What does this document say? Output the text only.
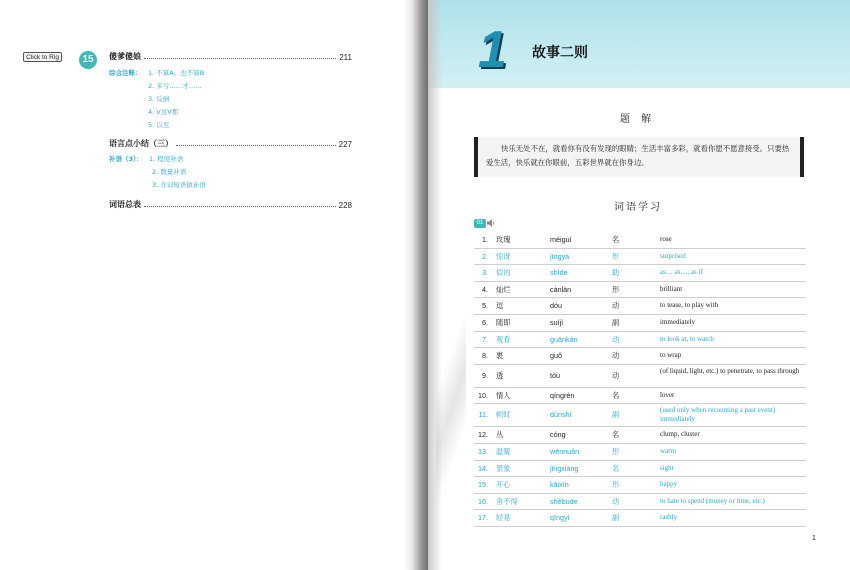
Click to Rig	15	傻爹傻娘	211
综合注释： 1. 不算A，也不算B
2. 多亏……才……
3. 反倒
4. V这V那
5. 以至
语言点小结（三）	227
补语（3）： 1. 程度补语
2. 数量补语
3. 介词短语做补语
词语总表	228
1 故事二则
题 解

快乐无处不在，就看你有没有发现的眼睛；生活丰富多彩，就看你愿不愿意接受。只要热爱生活，快乐就在你眼前，五彩世界就在你身边。

词语学习
01
1. 玫瑰	méiguì	名	rose
2. 惊讶	jīngyà	形	surprised
3. 似的	shìde	助	as… as…, as if
4. 灿烂	cànlàn	形	brilliant
5. 逗	dòu	动	to tease, to play with
6. 随即	suíjí	副	immediately
7. 观看	guānkàn	动	to look at, to watch
8. 裹	guǒ	动	to wrap
9. 透	tòu	动	(of liquid, light, etc.) to penetrate, to pass through
10. 情人	qíngrén	名	lover
11. 顿时	dùnshí	副	(used only when recounting a past event) immediately
12. 丛	cóng	名	clump, cluster
13. 温暖	wēnnuǎn	形	warm
14. 景象	jǐngxiàng	名	sight
15. 开心	kāixīn	形	happy
16. 舍不得	shěbude	动	to hate to spend (money or time, etc.)
17. 轻易	qīngyì	副	rashly
1
